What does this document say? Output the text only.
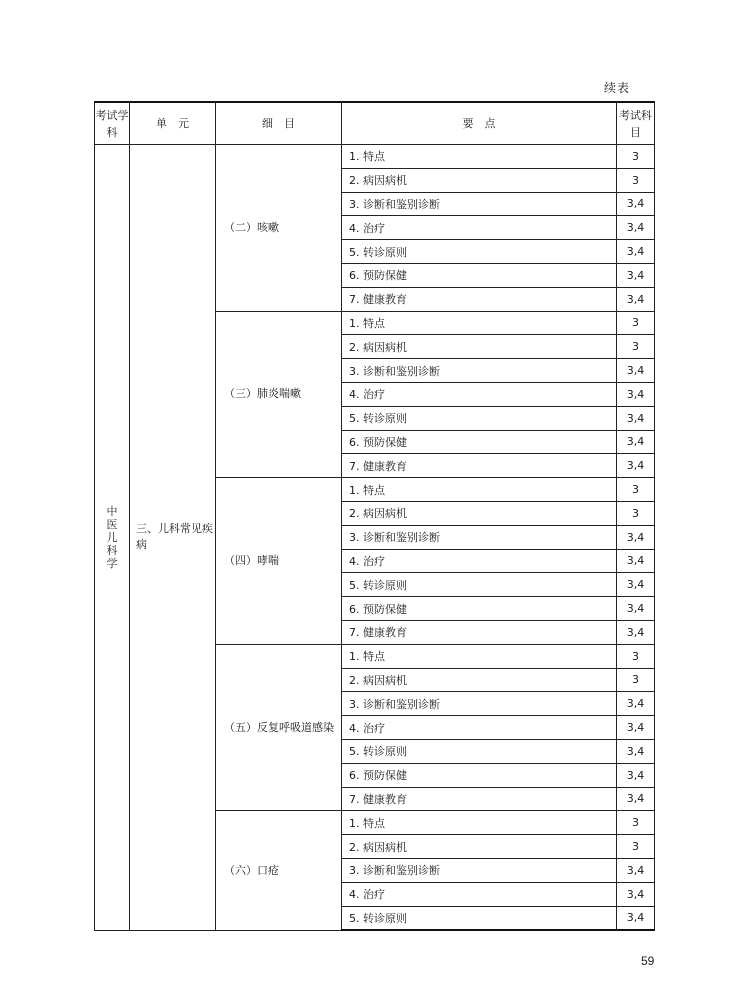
续表
考试学科	单　元	细　目	要　点	考试科目
中医儿科学	三、儿科常见疾病	（二）咳嗽	1. 特点	3
			2. 病因病机	3
			3. 诊断和鉴别诊断	3,4
			4. 治疗	3,4
			5. 转诊原则	3,4
			6. 预防保健	3,4
			7. 健康教育	3,4
		（三）肺炎喘嗽	1. 特点	3
			2. 病因病机	3
			3. 诊断和鉴别诊断	3,4
			4. 治疗	3,4
			5. 转诊原则	3,4
			6. 预防保健	3,4
			7. 健康教育	3,4
		（四）哮喘	1. 特点	3
			2. 病因病机	3
			3. 诊断和鉴别诊断	3,4
			4. 治疗	3,4
			5. 转诊原则	3,4
			6. 预防保健	3,4
			7. 健康教育	3,4
		（五）反复呼吸道感染	1. 特点	3
			2. 病因病机	3
			3. 诊断和鉴别诊断	3,4
			4. 治疗	3,4
			5. 转诊原则	3,4
			6. 预防保健	3,4
			7. 健康教育	3,4
		（六）口疮	1. 特点	3
			2. 病因病机	3
			3. 诊断和鉴别诊断	3,4
			4. 治疗	3,4
			5. 转诊原则	3,4
59
